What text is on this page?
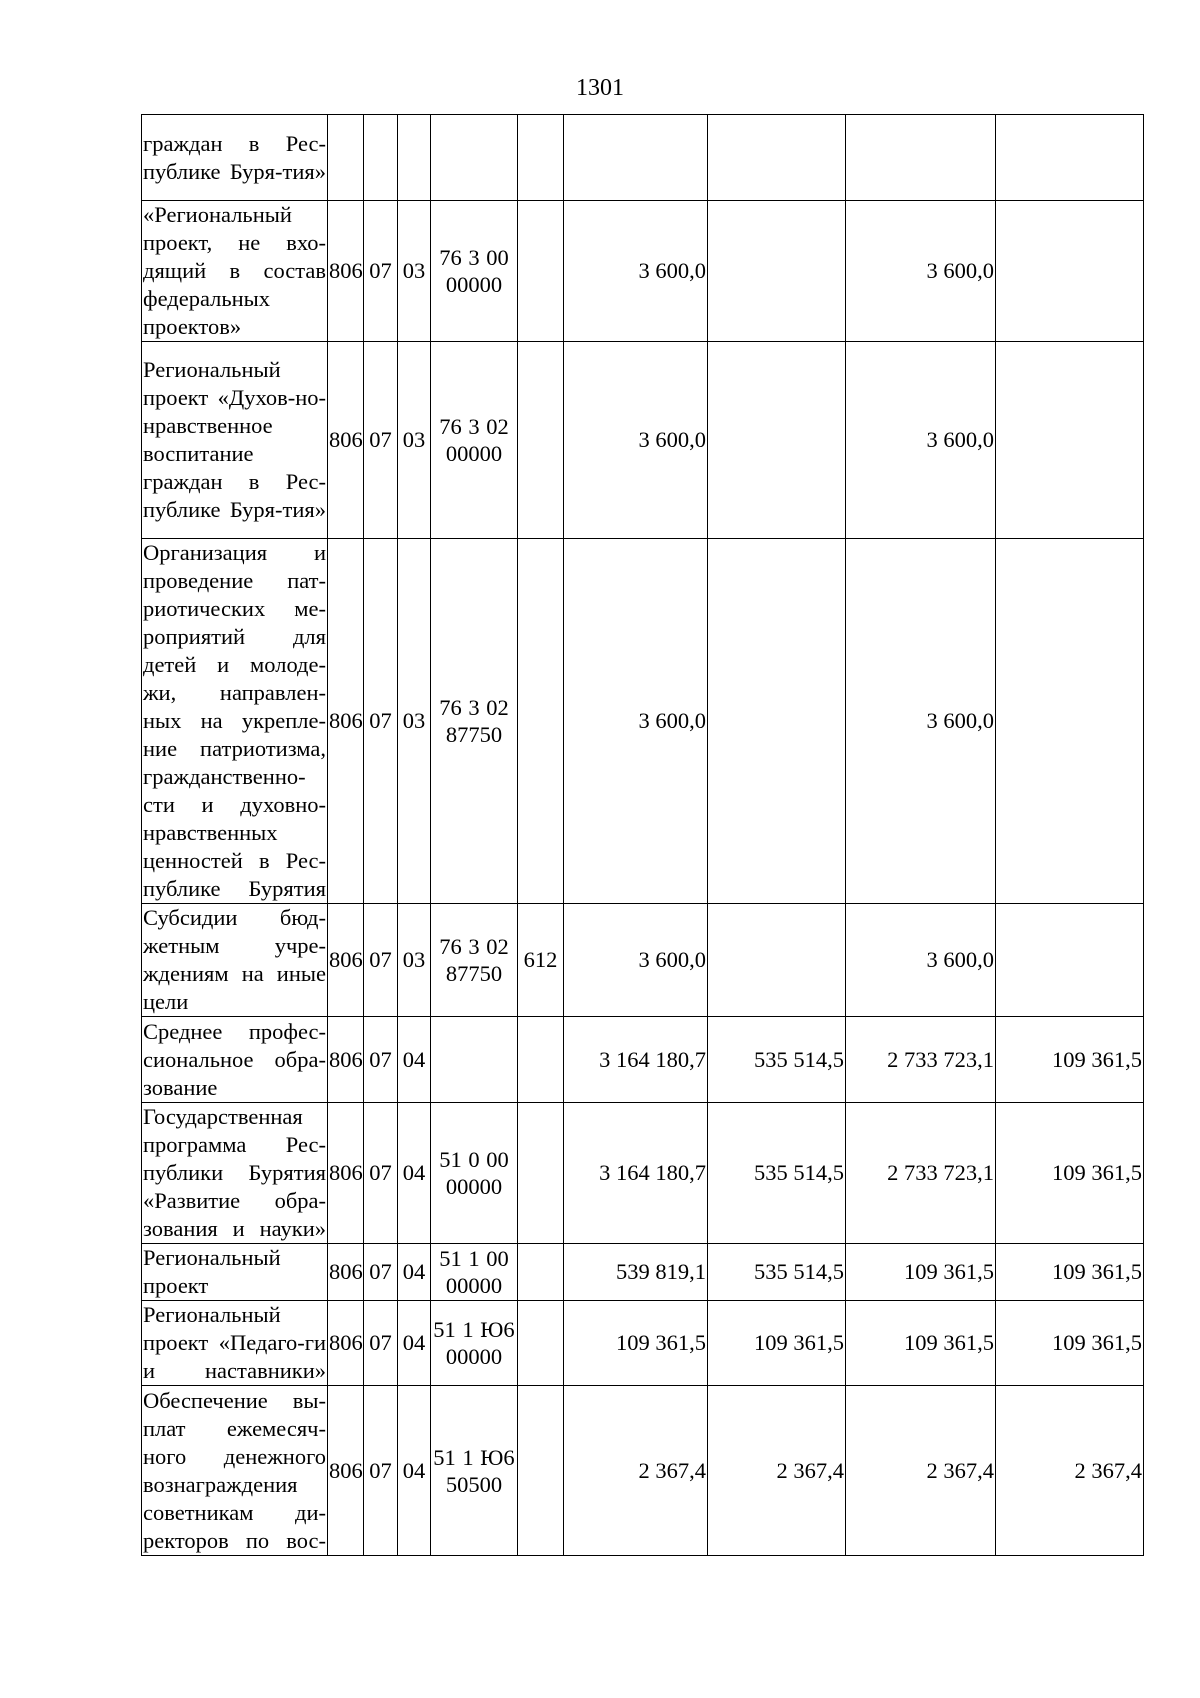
1301
граждан в Рес-публике Буря-тия»									
«Региональный проект, не вхо-дящий в состав федеральных проектов»	806	07	03	76 3 00 00000		3 600,0		3 600,0	
Региональный проект «Духов-но-нравственное воспитание граждан в Рес-публике Буря-тия»	806	07	03	76 3 02 00000		3 600,0		3 600,0	
Организация и проведение пат-риотических ме-роприятий для детей и молоде-жи, направлен-ных на укрепле-ние патриотизма, гражданственно-сти и духовно-нравственных ценностей в Рес-публике Бурятия	806	07	03	76 3 02 87750		3 600,0		3 600,0	
Субсидии бюд-жетным учре-ждениям на иные цели	806	07	03	76 3 02 87750	612	3 600,0		3 600,0	
Среднее профес-сиональное обра-зование	806	07	04			3 164 180,7	535 514,5	2 733 723,1	109 361,5
Государственная программа Рес-публики Бурятия «Развитие обра-зования и науки»	806	07	04	51 0 00 00000		3 164 180,7	535 514,5	2 733 723,1	109 361,5
Региональный проект	806	07	04	51 1 00 00000		539 819,1	535 514,5	109 361,5	109 361,5
Региональный проект «Педаго-ги и наставники»	806	07	04	51 1 Ю6 00000		109 361,5	109 361,5	109 361,5	109 361,5
Обеспечение вы-плат ежемесяч-ного денежного вознаграждения советникам ди-ректоров по вос-	806	07	04	51 1 Ю6 50500		2 367,4	2 367,4	2 367,4	2 367,4
